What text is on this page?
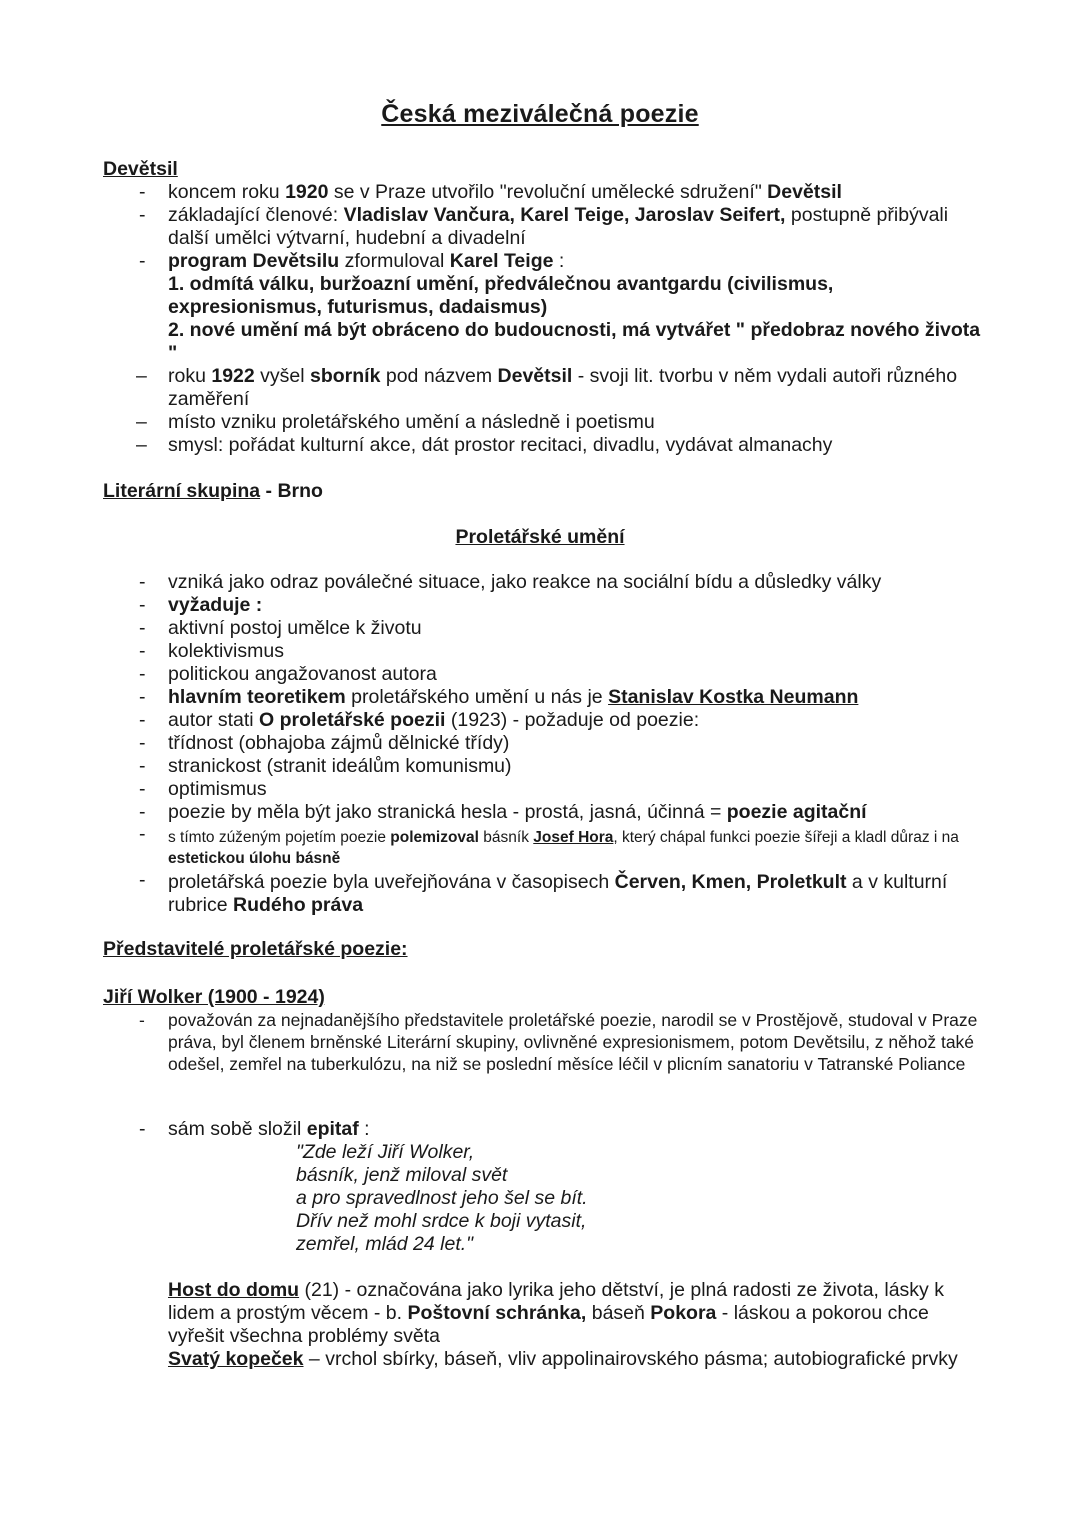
Česká meziválečná poezie
Devětsil
- koncem roku 1920 se v Praze utvořilo "revoluční umělecké sdružení" Devětsil
- základající členové: Vladislav Vančura, Karel Teige, Jaroslav Seifert, postupně přibývali další umělci výtvarní, hudební a divadelní
- program Devětsilu zformuloval Karel Teige :
1. odmítá válku, buržoazní umění, předválečnou avantgardu (civilismus, expresionismus, futurismus, dadaismus)
2. nové umění má být obráceno do budoucnosti, má vytvářet " předobraz nového života "
– roku 1922 vyšel sborník pod názvem Devětsil - svoji lit. tvorbu v něm vydali autoři různého zaměření
– místo vzniku proletářského umění a následně i poetismu
– smysl: pořádat kulturní akce, dát prostor recitaci, divadlu, vydávat almanachy
Literární skupina - Brno
Proletářské umění
- vzniká jako odraz poválečné situace, jako reakce na sociální bídu a důsledky války
- vyžaduje :
- aktivní postoj umělce k životu
- kolektivismus
- politickou angažovanost autora
- hlavním teoretikem proletářského umění u nás je Stanislav Kostka Neumann
- autor stati O proletářské poezii (1923) - požaduje od poezie:
- třídnost (obhajoba zájmů dělnické třídy)
- stranickost (stranit ideálům komunismu)
- optimismus
- poezie by měla být jako stranická hesla - prostá, jasná, účinná = poezie agitační
- s tímto zúženým pojetím poezie polemizoval básník Josef Hora, který chápal funkci poezie šířeji a kladl důraz i na estetickou úlohu básně
- proletářská poezie byla uveřejňována v časopisech Červen, Kmen, Proletkult a v kulturní rubrice Rudého práva
Představitelé proletářské poezie:
Jiří Wolker (1900 - 1924)
- považován za nejnadanějšího představitele proletářské poezie, narodil se v Prostějově, studoval v Praze práva, byl členem brněnské Literární skupiny, ovlivněné expresionismem, potom Devětsilu, z něhož také odešel, zemřel na tuberkulózu, na niž se poslední měsíce léčil v plicním sanatoriu v Tatranské Poliance
- sám sobě složil epitaf :
"Zde leží Jiří Wolker,
básník, jenž miloval svět
a pro spravedlnost jeho šel se bít.
Dřív než mohl srdce k boji vytasit,
zemřel, mlád 24 let."
Host do domu (21) - označována jako lyrika jeho dětství, je plná radosti ze života, lásky k lidem a prostým věcem - b. Poštovní schránka, báseň Pokora - láskou a pokorou chce vyřešit všechna problémy světa
Svatý kopeček – vrchol sbírky, báseň, vliv appolinairovského pásma; autobiografické prvky
